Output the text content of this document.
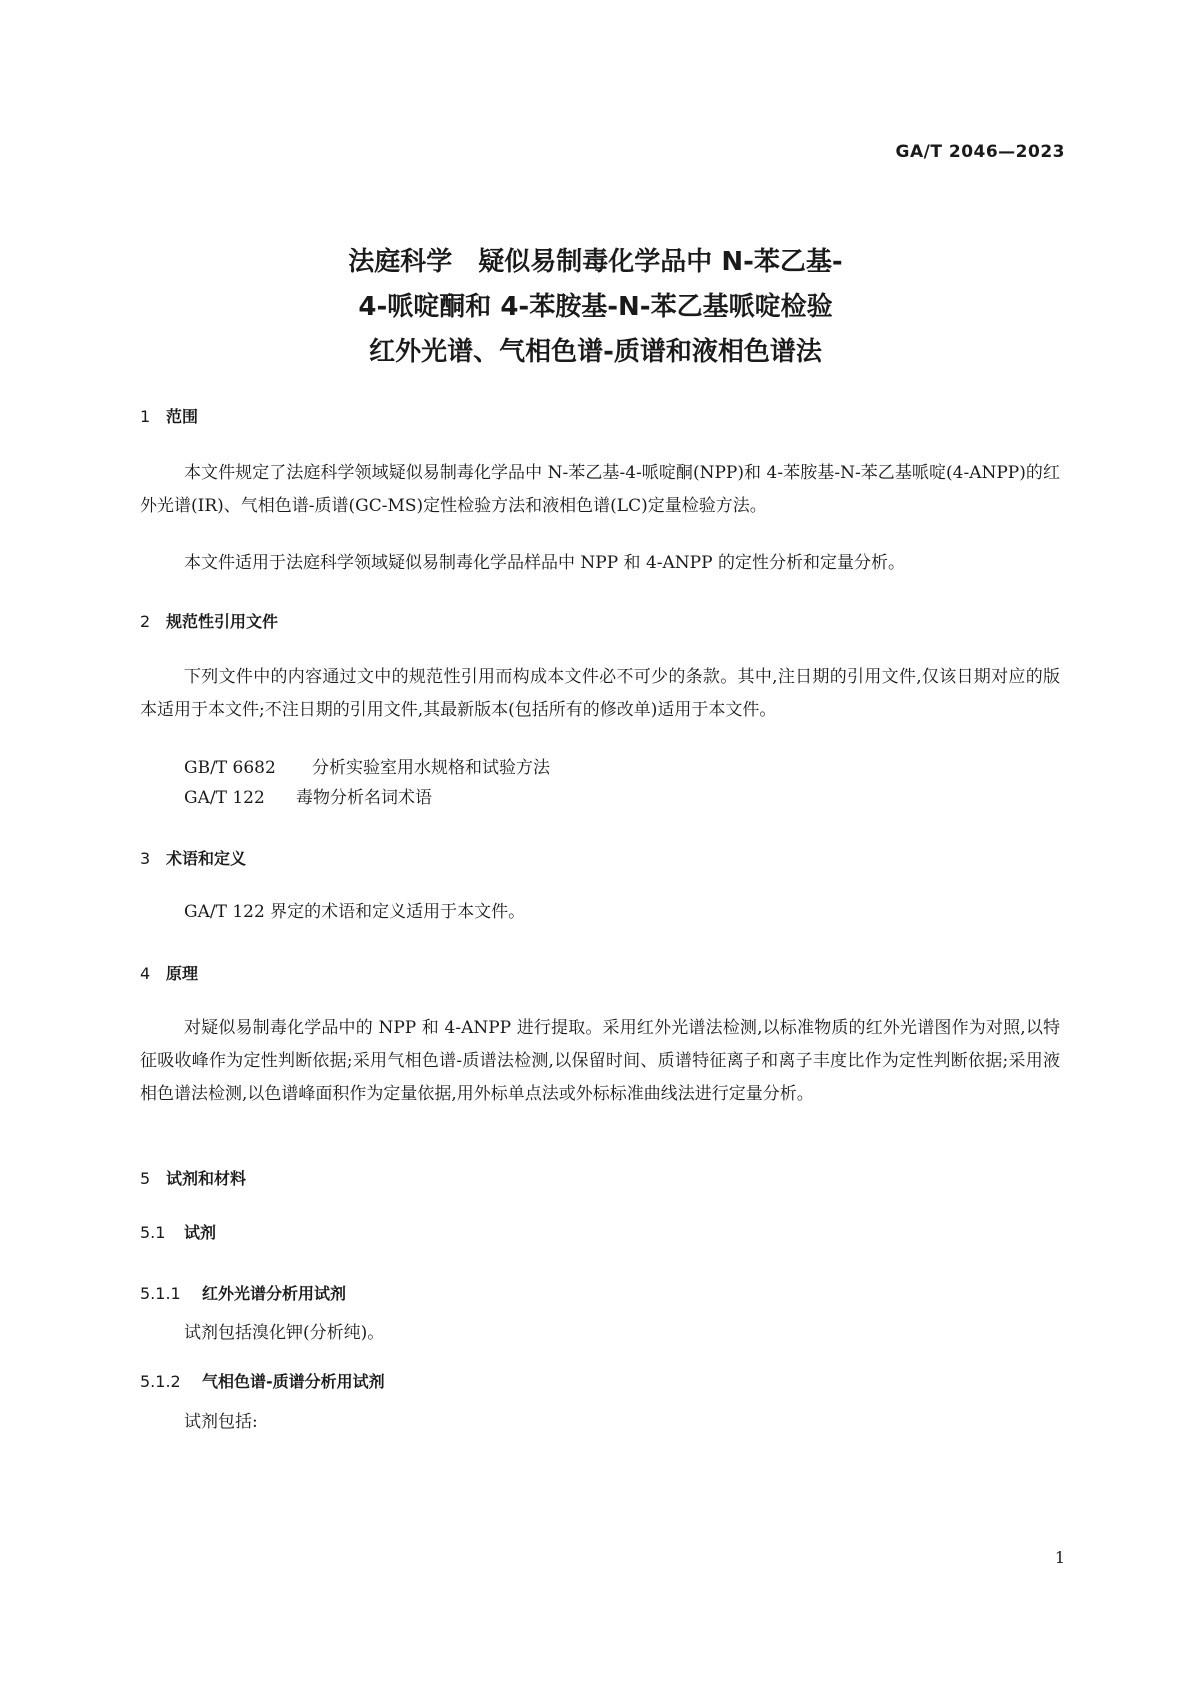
GA/T 2046—2023
法庭科学　疑似易制毒化学品中 N-苯乙基-
4-哌啶酮和 4-苯胺基-N-苯乙基哌啶检验
红外光谱、气相色谱-质谱和液相色谱法
1 范围
本文件规定了法庭科学领域疑似易制毒化学品中 N-苯乙基-4-哌啶酮(NPP)和 4-苯胺基-N-苯乙基哌啶(4-ANPP)的红外光谱(IR)、气相色谱-质谱(GC-MS)定性检验方法和液相色谱(LC)定量检验方法。
本文件适用于法庭科学领域疑似易制毒化学品样品中 NPP 和 4-ANPP 的定性分析和定量分析。
2 规范性引用文件
下列文件中的内容通过文中的规范性引用而构成本文件必不可少的条款。其中,注日期的引用文件,仅该日期对应的版本适用于本文件;不注日期的引用文件,其最新版本(包括所有的修改单)适用于本文件。
GB/T 6682 分析实验室用水规格和试验方法
GA/T 122 毒物分析名词术语
3 术语和定义
GA/T 122 界定的术语和定义适用于本文件。
4 原理
对疑似易制毒化学品中的 NPP 和 4-ANPP 进行提取。采用红外光谱法检测,以标准物质的红外光谱图作为对照,以特征吸收峰作为定性判断依据;采用气相色谱-质谱法检测,以保留时间、质谱特征离子和离子丰度比作为定性判断依据;采用液相色谱法检测,以色谱峰面积作为定量依据,用外标单点法或外标标准曲线法进行定量分析。
5 试剂和材料
5.1 试剂
5.1.1 红外光谱分析用试剂
试剂包括溴化钾(分析纯)。
5.1.2 气相色谱-质谱分析用试剂
试剂包括:
1
